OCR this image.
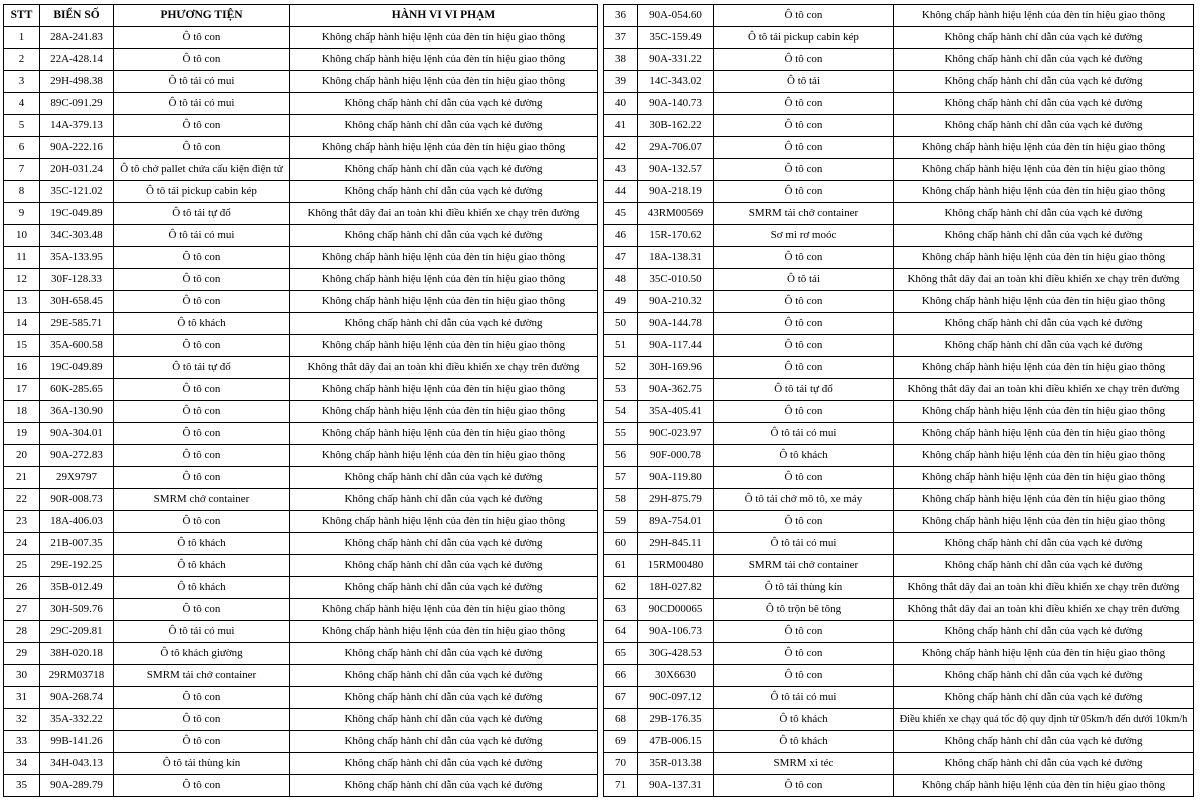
STT	BIỂN SỐ	PHƯƠNG TIỆN	HÀNH VI VI PHẠM
1	28A-241.83	Ô tô con	Không chấp hành hiệu lệnh của đèn tín hiệu giao thông
2	22A-428.14	Ô tô con	Không chấp hành hiệu lệnh của đèn tín hiệu giao thông
3	29H-498.38	Ô tô tải có mui	Không chấp hành hiệu lệnh của đèn tín hiệu giao thông
4	89C-091.29	Ô tô tải có mui	Không chấp hành chỉ dẫn của vạch kẻ đường
5	14A-379.13	Ô tô con	Không chấp hành chỉ dẫn của vạch kẻ đường
6	90A-222.16	Ô tô con	Không chấp hành hiệu lệnh của đèn tín hiệu giao thông
7	20H-031.24	Ô tô chở pallet chứa cấu kiện điện tử	Không chấp hành chỉ dẫn của vạch kẻ đường
8	35C-121.02	Ô tô tải pickup cabin kép	Không chấp hành chỉ dẫn của vạch kẻ đường
9	19C-049.89	Ô tô tải tự đổ	Không thắt dây đai an toàn khi điều khiển xe chạy trên đường
10	34C-303.48	Ô tô tải có mui	Không chấp hành chỉ dẫn của vạch kẻ đường
11	35A-133.95	Ô tô con	Không chấp hành hiệu lệnh của đèn tín hiệu giao thông
12	30F-128.33	Ô tô con	Không chấp hành hiệu lệnh của đèn tín hiệu giao thông
13	30H-658.45	Ô tô con	Không chấp hành hiệu lệnh của đèn tín hiệu giao thông
14	29E-585.71	Ô tô khách	Không chấp hành chỉ dẫn của vạch kẻ đường
15	35A-600.58	Ô tô con	Không chấp hành hiệu lệnh của đèn tín hiệu giao thông
16	19C-049.89	Ô tô tải tự đổ	Không thắt dây đai an toàn khi điều khiển xe chạy trên đường
17	60K-285.65	Ô tô con	Không chấp hành hiệu lệnh của đèn tín hiệu giao thông
18	36A-130.90	Ô tô con	Không chấp hành hiệu lệnh của đèn tín hiệu giao thông
19	90A-304.01	Ô tô con	Không chấp hành hiệu lệnh của đèn tín hiệu giao thông
20	90A-272.83	Ô tô con	Không chấp hành hiệu lệnh của đèn tín hiệu giao thông
21	29X9797	Ô tô con	Không chấp hành chỉ dẫn của vạch kẻ đường
22	90R-008.73	SMRM chở container	Không chấp hành chỉ dẫn của vạch kẻ đường
23	18A-406.03	Ô tô con	Không chấp hành hiệu lệnh của đèn tín hiệu giao thông
24	21B-007.35	Ô tô khách	Không chấp hành chỉ dẫn của vạch kẻ đường
25	29E-192.25	Ô tô khách	Không chấp hành chỉ dẫn của vạch kẻ đường
26	35B-012.49	Ô tô khách	Không chấp hành chỉ dẫn của vạch kẻ đường
27	30H-509.76	Ô tô con	Không chấp hành hiệu lệnh của đèn tín hiệu giao thông
28	29C-209.81	Ô tô tải có mui	Không chấp hành hiệu lệnh của đèn tín hiệu giao thông
29	38H-020.18	Ô tô khách giường	Không chấp hành chỉ dẫn của vạch kẻ đường
30	29RM03718	SMRM tải chở container	Không chấp hành chỉ dẫn của vạch kẻ đường
31	90A-268.74	Ô tô con	Không chấp hành chỉ dẫn của vạch kẻ đường
32	35A-332.22	Ô tô con	Không chấp hành chỉ dẫn của vạch kẻ đường
33	99B-141.26	Ô tô con	Không chấp hành chỉ dẫn của vạch kẻ đường
34	34H-043.13	Ô tô tải thùng kín	Không chấp hành chỉ dẫn của vạch kẻ đường
35	90A-289.79	Ô tô con	Không chấp hành chỉ dẫn của vạch kẻ đường
36	90A-054.60	Ô tô con	Không chấp hành hiệu lệnh của đèn tín hiệu giao thông
37	35C-159.49	Ô tô tải pickup cabin kép	Không chấp hành chỉ dẫn của vạch kẻ đường
38	90A-331.22	Ô tô con	Không chấp hành chỉ dẫn của vạch kẻ đường
39	14C-343.02	Ô tô tải	Không chấp hành chỉ dẫn của vạch kẻ đường
40	90A-140.73	Ô tô con	Không chấp hành chỉ dẫn của vạch kẻ đường
41	30B-162.22	Ô tô con	Không chấp hành chỉ dẫn của vạch kẻ đường
42	29A-706.07	Ô tô con	Không chấp hành hiệu lệnh của đèn tín hiệu giao thông
43	90A-132.57	Ô tô con	Không chấp hành hiệu lệnh của đèn tín hiệu giao thông
44	90A-218.19	Ô tô con	Không chấp hành hiệu lệnh của đèn tín hiệu giao thông
45	43RM00569	SMRM tải chở container	Không chấp hành chỉ dẫn của vạch kẻ đường
46	15R-170.62	Sơ mi rơ moóc	Không chấp hành chỉ dẫn của vạch kẻ đường
47	18A-138.31	Ô tô con	Không chấp hành hiệu lệnh của đèn tín hiệu giao thông
48	35C-010.50	Ô tô tải	Không thắt dây đai an toàn khi điều khiển xe chạy trên đường
49	90A-210.32	Ô tô con	Không chấp hành hiệu lệnh của đèn tín hiệu giao thông
50	90A-144.78	Ô tô con	Không chấp hành chỉ dẫn của vạch kẻ đường
51	90A-117.44	Ô tô con	Không chấp hành chỉ dẫn của vạch kẻ đường
52	30H-169.96	Ô tô con	Không chấp hành hiệu lệnh của đèn tín hiệu giao thông
53	90A-362.75	Ô tô tải tự đổ	Không thắt dây đai an toàn khi điều khiển xe chạy trên đường
54	35A-405.41	Ô tô con	Không chấp hành hiệu lệnh của đèn tín hiệu giao thông
55	90C-023.97	Ô tô tải có mui	Không chấp hành hiệu lệnh của đèn tín hiệu giao thông
56	90F-000.78	Ô tô khách	Không chấp hành hiệu lệnh của đèn tín hiệu giao thông
57	90A-119.80	Ô tô con	Không chấp hành hiệu lệnh của đèn tín hiệu giao thông
58	29H-875.79	Ô tô tải chở mô tô, xe máy	Không chấp hành hiệu lệnh của đèn tín hiệu giao thông
59	89A-754.01	Ô tô con	Không chấp hành hiệu lệnh của đèn tín hiệu giao thông
60	29H-845.11	Ô tô tải có mui	Không chấp hành chỉ dẫn của vạch kẻ đường
61	15RM00480	SMRM tải chở container	Không chấp hành chỉ dẫn của vạch kẻ đường
62	18H-027.82	Ô tô tải thùng kín	Không thắt dây đai an toàn khi điều khiển xe chạy trên đường
63	90CD00065	Ô tô trộn bê tông	Không thắt dây đai an toàn khi điều khiển xe chạy trên đường
64	90A-106.73	Ô tô con	Không chấp hành chỉ dẫn của vạch kẻ đường
65	30G-428.53	Ô tô con	Không chấp hành hiệu lệnh của đèn tín hiệu giao thông
66	30X6630	Ô tô con	Không chấp hành chỉ dẫn của vạch kẻ đường
67	90C-097.12	Ô tô tải có mui	Không chấp hành chỉ dẫn của vạch kẻ đường
68	29B-176.35	Ô tô khách	Điều khiển xe chạy quá tốc độ quy định từ 05km/h đến dưới 10km/h
69	47B-006.15	Ô tô khách	Không chấp hành chỉ dẫn của vạch kẻ đường
70	35R-013.38	SMRM xi téc	Không chấp hành chỉ dẫn của vạch kẻ đường
71	90A-137.31	Ô tô con	Không chấp hành hiệu lệnh của đèn tín hiệu giao thông
